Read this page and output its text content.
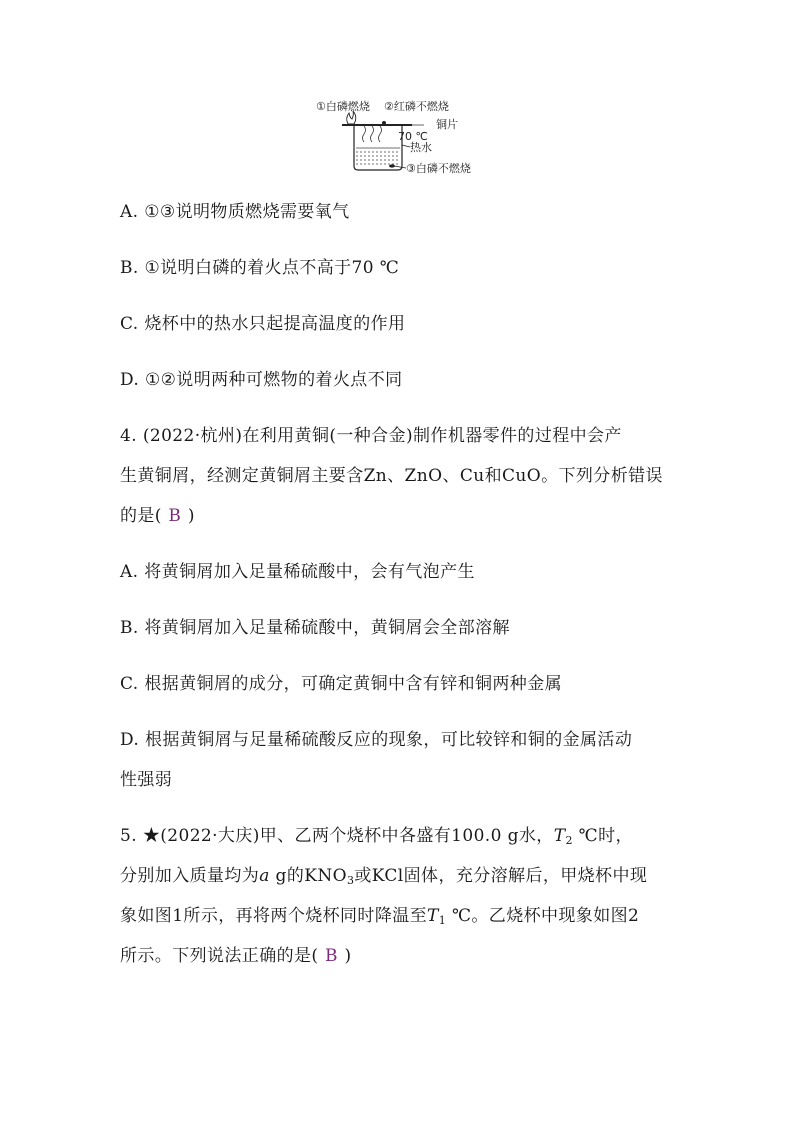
①白磷燃烧 ②红磷不燃烧
铜片
70 ℃
热水
③白磷不燃烧
A. ①③说明物质燃烧需要氧气
B. ①说明白磷的着火点不高于70 ℃
C. 烧杯中的热水只起提高温度的作用
D. ①②说明两种可燃物的着火点不同
4. (2022·杭州)在利用黄铜(一种合金)制作机器零件的过程中会产
生黄铜屑，经测定黄铜屑主要含Zn、ZnO、Cu和CuO。下列分析错误
的是( B )
A. 将黄铜屑加入足量稀硫酸中，会有气泡产生
B. 将黄铜屑加入足量稀硫酸中，黄铜屑会全部溶解
C. 根据黄铜屑的成分，可确定黄铜中含有锌和铜两种金属
D. 根据黄铜屑与足量稀硫酸反应的现象，可比较锌和铜的金属活动
性强弱
5. ★(2022·大庆)甲、乙两个烧杯中各盛有100.0 g水，$T_2$ ℃时，
分别加入质量均为a g的$KNO_3$或KCl固体，充分溶解后，甲烧杯中现
象如图1所示，再将两个烧杯同时降温至$T_1$ ℃。乙烧杯中现象如图2
所示。下列说法正确的是( B )
